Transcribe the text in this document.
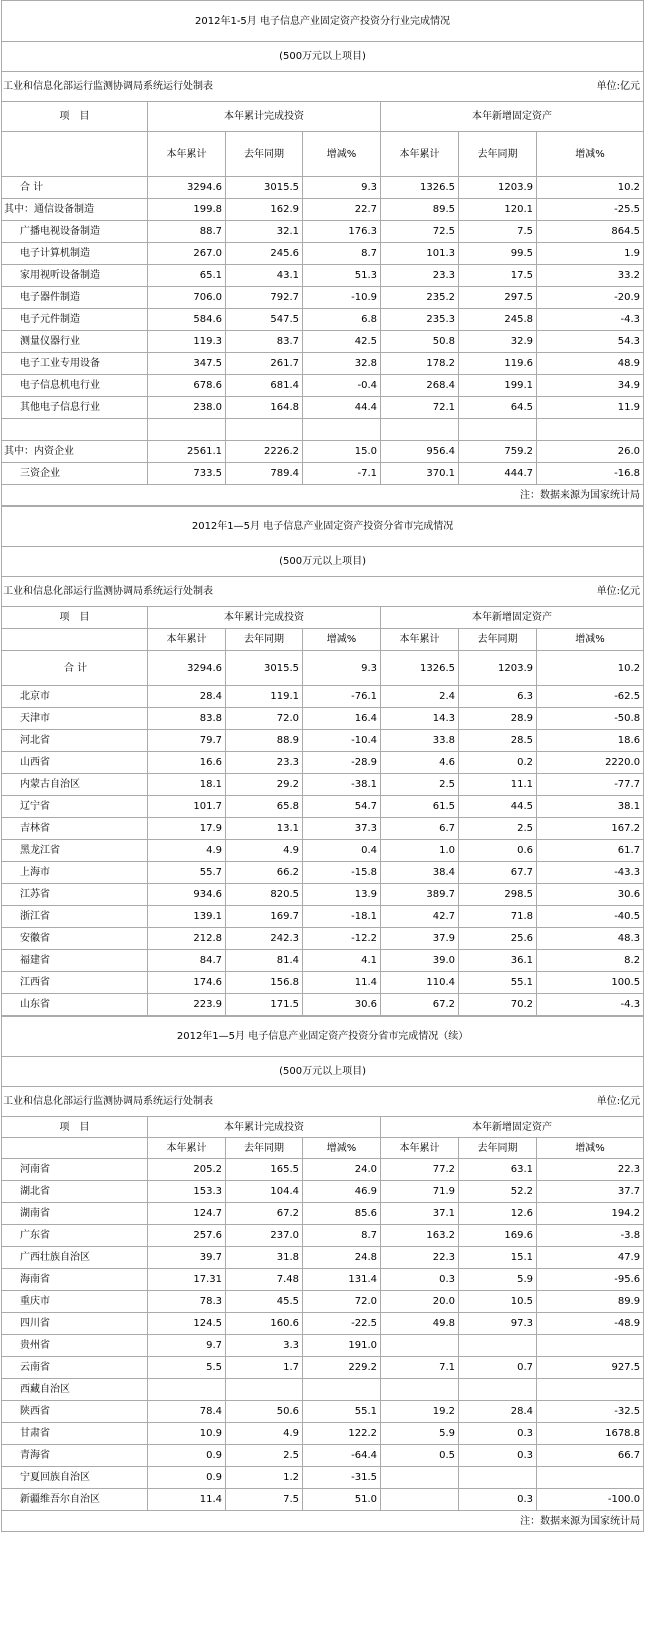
2012年1-5月 电子信息产业固定资产投资分行业完成情况						
(500万元以上项目)						
工业和信息化部运行监测协调局系统运行处制表						单位:亿元
项　目	本年累计完成投资			本年新增固定资产		
	本年累计	去年同期	增减%	本年累计	去年同期	增减%
合 计	3294.6	3015.5	9.3	1326.5	1203.9	10.2
其中：通信设备制造	199.8	162.9	22.7	89.5	120.1	-25.5
广播电视设备制造	88.7	32.1	176.3	72.5	7.5	864.5
电子计算机制造	267.0	245.6	8.7	101.3	99.5	1.9
家用视听设备制造	65.1	43.1	51.3	23.3	17.5	33.2
电子器件制造	706.0	792.7	-10.9	235.2	297.5	-20.9
电子元件制造	584.6	547.5	6.8	235.3	245.8	-4.3
测量仪器行业	119.3	83.7	42.5	50.8	32.9	54.3
电子工业专用设备	347.5	261.7	32.8	178.2	119.6	48.9
电子信息机电行业	678.6	681.4	-0.4	268.4	199.1	34.9
其他电子信息行业	238.0	164.8	44.4	72.1	64.5	11.9

其中：内资企业	2561.1	2226.2	15.0	956.4	759.2	26.0
三资企业	733.5	789.4	-7.1	370.1	444.7	-16.8
注：数据来源为国家统计局						
2012年1—5月 电子信息产业固定资产投资分省市完成情况						
(500万元以上项目)						
工业和信息化部运行监测协调局系统运行处制表						单位:亿元
项　目	本年累计完成投资			本年新增固定资产		
	本年累计	去年同期	增减%	本年累计	去年同期	增减%
合 计	3294.6	3015.5	9.3	1326.5	1203.9	10.2
北京市	28.4	119.1	-76.1	2.4	6.3	-62.5
天津市	83.8	72.0	16.4	14.3	28.9	-50.8
河北省	79.7	88.9	-10.4	33.8	28.5	18.6
山西省	16.6	23.3	-28.9	4.6	0.2	2220.0
内蒙古自治区	18.1	29.2	-38.1	2.5	11.1	-77.7
辽宁省	101.7	65.8	54.7	61.5	44.5	38.1
吉林省	17.9	13.1	37.3	6.7	2.5	167.2
黑龙江省	4.9	4.9	0.4	1.0	0.6	61.7
上海市	55.7	66.2	-15.8	38.4	67.7	-43.3
江苏省	934.6	820.5	13.9	389.7	298.5	30.6
浙江省	139.1	169.7	-18.1	42.7	71.8	-40.5
安徽省	212.8	242.3	-12.2	37.9	25.6	48.3
福建省	84.7	81.4	4.1	39.0	36.1	8.2
江西省	174.6	156.8	11.4	110.4	55.1	100.5
山东省	223.9	171.5	30.6	67.2	70.2	-4.3
2012年1—5月 电子信息产业固定资产投资分省市完成情况（续）						
(500万元以上项目)						
工业和信息化部运行监测协调局系统运行处制表						单位:亿元
项　目	本年累计完成投资			本年新增固定资产		
	本年累计	去年同期	增减%	本年累计	去年同期	增减%
河南省	205.2	165.5	24.0	77.2	63.1	22.3
湖北省	153.3	104.4	46.9	71.9	52.2	37.7
湖南省	124.7	67.2	85.6	37.1	12.6	194.2
广东省	257.6	237.0	8.7	163.2	169.6	-3.8
广西壮族自治区	39.7	31.8	24.8	22.3	15.1	47.9
海南省	17.31	7.48	131.4	0.3	5.9	-95.6
重庆市	78.3	45.5	72.0	20.0	10.5	89.9
四川省	124.5	160.6	-22.5	49.8	97.3	-48.9
贵州省	9.7	3.3	191.0			
云南省	5.5	1.7	229.2	7.1	0.7	927.5
西藏自治区						
陕西省	78.4	50.6	55.1	19.2	28.4	-32.5
甘肃省	10.9	4.9	122.2	5.9	0.3	1678.8
青海省	0.9	2.5	-64.4	0.5	0.3	66.7
宁夏回族自治区	0.9	1.2	-31.5			
新疆维吾尔自治区	11.4	7.5	51.0		0.3	-100.0
注：数据来源为国家统计局						
